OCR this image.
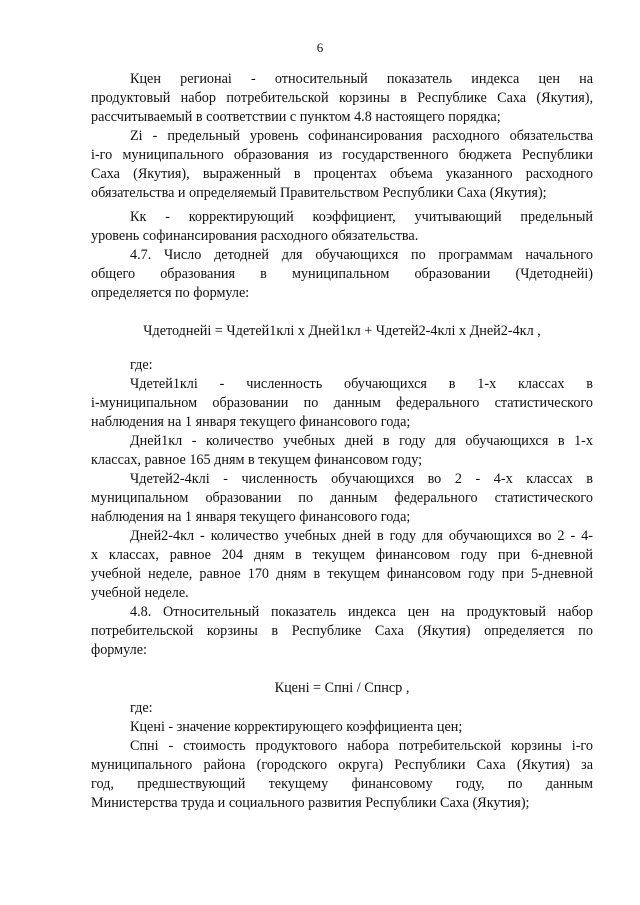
6
Кцен регионаi - относительный показатель индекса цен на
продуктовый набор потребительской корзины в Республике Саха (Якутия),
рассчитываемый в соответствии с пунктом 4.8 настоящего порядка;
Zi - предельный уровень софинансирования расходного обязательства
i-го муниципального образования из государственного бюджета Республики
Саха (Якутия), выраженный в процентах объема указанного расходного
обязательства и определяемый Правительством Республики Саха (Якутия);
Кк - корректирующий коэффициент, учитывающий предельный
уровень софинансирования расходного обязательства.
4.7. Число детодней для обучающихся по программам начального
общего образования в муниципальном образовании (Чдетоднейi)
определяется по формуле:
Чдетоднейi = Чдетей1клi x Дней1кл + Чдетей2-4клi x Дней2-4кл ,
где:
Чдетей1клi - численность обучающихся в 1-х классах в
i-муниципальном образовании по данным федерального статистического
наблюдения на 1 января текущего финансового года;
Дней1кл - количество учебных дней в году для обучающихся в 1-х
классах, равное 165 дням в текущем финансовом году;
Чдетей2-4клi - численность обучающихся во 2 - 4-х классах в
муниципальном образовании по данным федерального статистического
наблюдения на 1 января текущего финансового года;
Дней2-4кл - количество учебных дней в году для обучающихся во 2 - 4-
х классах, равное 204 дням в текущем финансовом году при 6-дневной
учебной неделе, равное 170 дням в текущем финансовом году при 5-дневной
учебной неделе.
4.8. Относительный показатель индекса цен на продуктовый набор
потребительской корзины в Республике Саха (Якутия) определяется по
формуле:
Кценi = Спнi / Спнср ,
где:
Кценi - значение корректирующего коэффициента цен;
Спнi - стоимость продуктового набора потребительской корзины i-го
муниципального района (городского округа) Республики Саха (Якутия) за
год, предшествующий текущему финансовому году, по данным
Министерства труда и социального развития Республики Саха (Якутия);
